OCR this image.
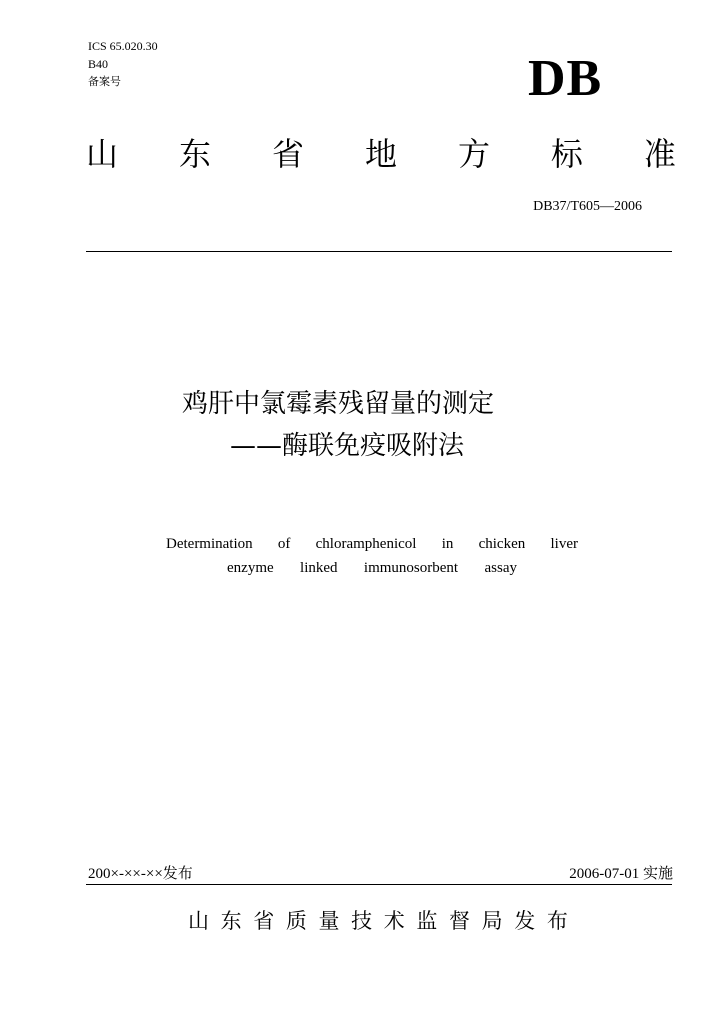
ICS 65.020.30
B40
备案号	DB
山 东 省 地 方 标 准
DB37/T605—2006
鸡肝中氯霉素残留量的测定
——酶联免疫吸附法
Determination of chloramphenicol in chicken liver
enzyme linked immunosorbent assay
200×-××-××发布	2006-07-01 实施
山 东 省 质 量 技 术 监 督 局 发 布
